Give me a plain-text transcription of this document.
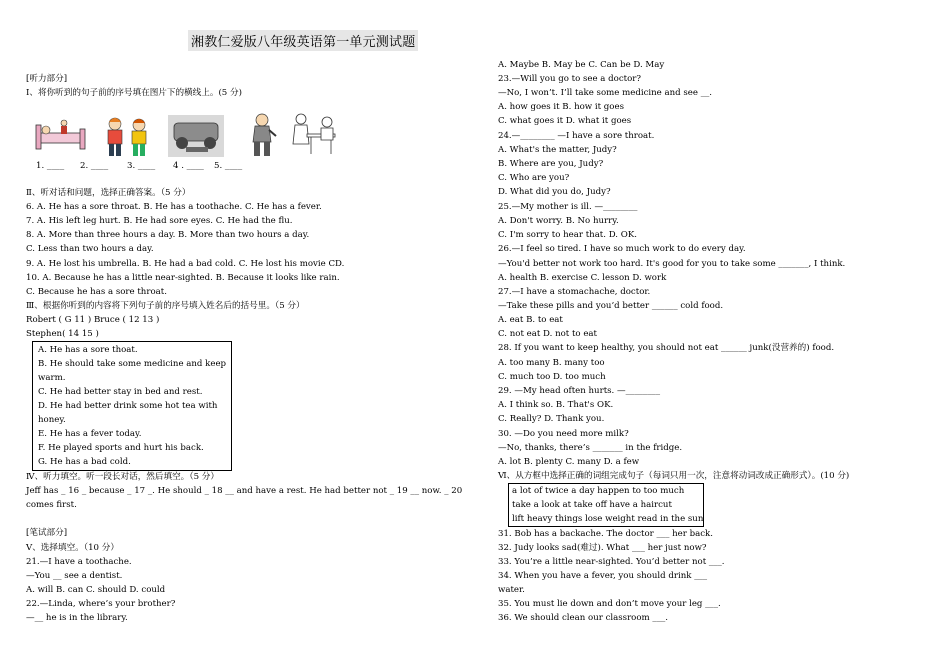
湘教仁爱版八年级英语第一单元测试题
[听力部分]
I、将你听到的句子前的序号填在图片下的横线上。(5 分)
1. ____ 2. ____ 3. ____ 4 . ____ 5. ____
Ⅱ、听对话和问题，选择正确答案。（5 分）
6. A. He has a sore throat. B. He has a toothache. C. He has a fever.
7. A. His left leg hurt. B. He had sore eyes. C. He had the flu.
8. A. More than three hours a day. B. More than two hours a day.
C. Less than two hours a day.
9. A. He lost his umbrella. B. He had a bad cold. C. He lost his movie CD.
10. A. Because he has a little near-sighted. B. Because it looks like rain.
C. Because he has a sore throat.
Ⅲ、根据你听到的内容将下列句子前的序号填入姓名后的括号里。（5 分）
Robert ( G 11 ) Bruce ( 12 13 )
Stephen( 14 15 )
A. He has a sore thoat.
B. He should take some medicine and keep
warm.
C. He had better stay in bed and rest.
D. He had better drink some hot tea with
honey.
E. He has a fever today.
F. He played sports and hurt his back.
G. He has a bad cold.
Ⅳ、听力填空。听一段长对话，然后填空。（5 分）
Jeff has _ 16 _ because _ 17 _. He should _ 18 __ and have a rest. He had better not _ 19 __ now. _ 20
comes first.
[笔试部分]
Ⅴ、选择填空。（10 分）
21.—I have a toothache.
—You __ see a dentist.
A. will B. can C. should D. could
22.—Linda, where’s your brother?
—__ he is in the library.
A. Maybe B. May be C. Can be D. May
23.—Will you go to see a doctor?
—No, I won’t. I’ll take some medicine and see __.
A. how goes it B. how it goes
C. what goes it D. what it goes
24.—________ —I have a sore throat.
A. What's the matter, Judy?
B. Where are you, Judy?
C. Who are you?
D. What did you do, Judy?
25.—My mother is ill. —________
A. Don't worry. B. No hurry.
C. I'm sorry to hear that. D. OK.
26.—I feel so tired. I have so much work to do every day.
—You'd better not work too hard. It's good for you to take some _______, I think.
A. health B. exercise C. lesson D. work
27.—I have a stomachache, doctor.
—Take these pills and you’d better ______ cold food.
A. eat B. to eat
C. not eat D. not to eat
28. If you want to keep healthy, you should not eat ______ junk(没营养的) food.
A. too many B. many too
C. much too D. too much
29. —My head often hurts. —________
A. I think so. B. That's OK.
C. Really? D. Thank you.
30. —Do you need more milk?
—No, thanks, there’s _______ in the fridge.
A. lot B. plenty C. many D. a few
Ⅵ、从方框中选择正确的词组完成句子（每词只用一次，注意将动词改成正确形式）。(10 分)
a lot of twice a day happen to too much
take a look at take off have a haircut
lift heavy things lose weight read in the sun
31. Bob has a backache. The doctor ___ her back.
32. Judy looks sad(难过). What ___ her just now?
33. You’re a little near-sighted. You’d better not ___.
34. When you have a fever, you should drink ___
water.
35. You must lie down and don’t move your leg ___.
36. We should clean our classroom ___.
